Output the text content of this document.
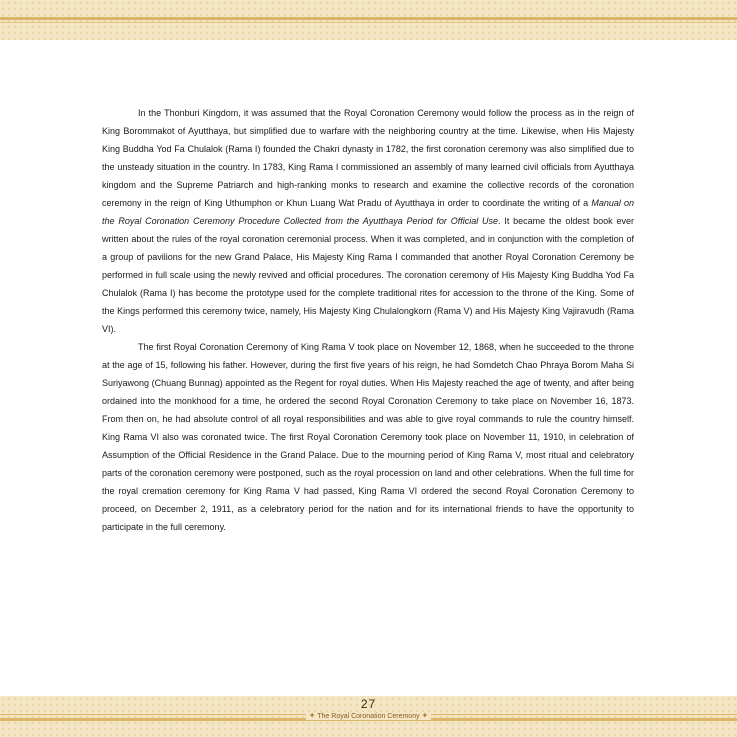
In the Thonburi Kingdom, it was assumed that the Royal Coronation Ceremony would follow the process as in the reign of King Borommakot of Ayutthaya, but simplified due to warfare with the neighboring country at the time. Likewise, when His Majesty King Buddha Yod Fa Chulalok (Rama I) founded the Chakri dynasty in 1782, the first coronation ceremony was also simplified due to the unsteady situation in the country. In 1783, King Rama I commissioned an assembly of many learned civil officials from Ayutthaya kingdom and the Supreme Patriarch and high-ranking monks to research and examine the collective records of the coronation ceremony in the reign of King Uthumphon or Khun Luang Wat Pradu of Ayutthaya in order to coordinate the writing of a Manual on the Royal Coronation Ceremony Procedure Collected from the Ayutthaya Period for Official Use. It became the oldest book ever written about the rules of the royal coronation ceremonial process. When it was completed, and in conjunction with the completion of a group of pavilions for the new Grand Palace, His Majesty King Rama I commanded that another Royal Coronation Ceremony be performed in full scale using the newly revived and official procedures. The coronation ceremony of His Majesty King Buddha Yod Fa Chulalok (Rama I) has become the prototype used for the complete traditional rites for accession to the throne of the King. Some of the Kings performed this ceremony twice, namely, His Majesty King Chulalongkorn (Rama V) and His Majesty King Vajiravudh (Rama VI).

The first Royal Coronation Ceremony of King Rama V took place on November 12, 1868, when he succeeded to the throne at the age of 15, following his father. However, during the first five years of his reign, he had Somdetch Chao Phraya Borom Maha Si Suriyawong (Chuang Bunnag) appointed as the Regent for royal duties. When His Majesty reached the age of twenty, and after being ordained into the monkhood for a time, he ordered the second Royal Coronation Ceremony to take place on November 16, 1873. From then on, he had absolute control of all royal responsibilities and was able to give royal commands to rule the country himself. King Rama VI also was coronated twice. The first Royal Coronation Ceremony took place on November 11, 1910, in celebration of Assumption of the Official Residence in the Grand Palace. Due to the mourning period of King Rama V, most ritual and celebratory parts of the coronation ceremony were postponed, such as the royal procession on land and other celebrations. When the full time for the royal cremation ceremony for King Rama V had passed, King Rama VI ordered the second Royal Coronation Ceremony to proceed, on December 2, 1911, as a celebratory period for the nation and for its international friends to have the opportunity to participate in the full ceremony.

27
✦ The Royal Coronation Ceremony ✦
